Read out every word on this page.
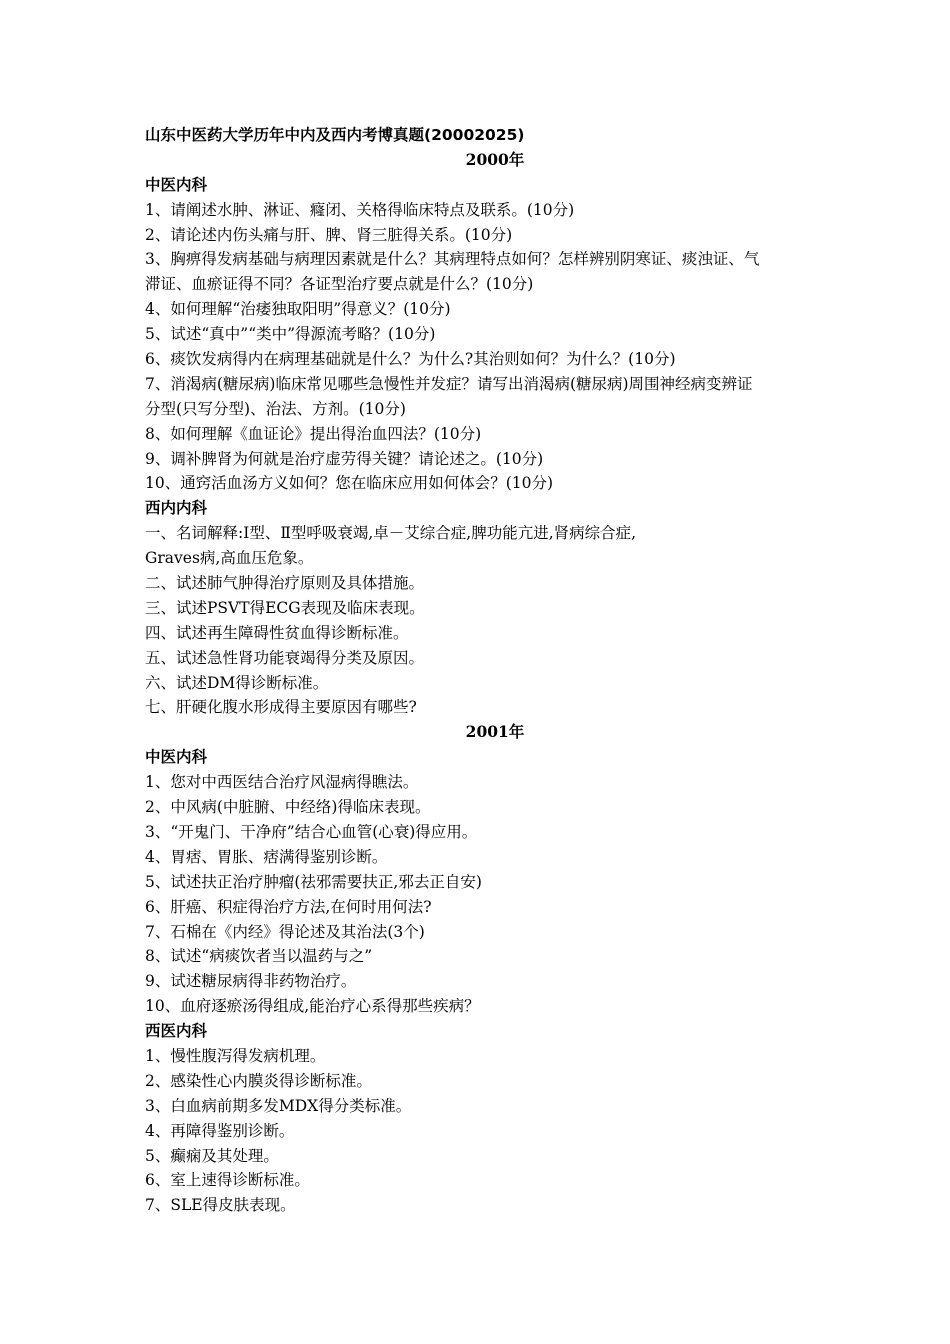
山东中医药大学历年中内及西内考博真题(20002025)
2000年
中医内科
1、请阐述水肿、淋证、癃闭、关格得临床特点及联系。(10分)
2、请论述内伤头痛与肝、脾、肾三脏得关系。(10分)
3、胸痹得发病基础与病理因素就是什么？其病理特点如何？怎样辨别阴寒证、痰浊证、气
滞证、血瘀证得不同？各证型治疗要点就是什么？(10分)
4、如何理解“治痿独取阳明”得意义？(10分)
5、试述“真中”“类中”得源流考略？(10分)
6、痰饮发病得内在病理基础就是什么？为什么?其治则如何？为什么？(10分)
7、消渴病(糖尿病)临床常见哪些急慢性并发症？请写出消渴病(糖尿病)周围神经病变辨证
分型(只写分型)、治法、方剂。(10分)
8、如何理解《血证论》提出得治血四法？(10分)
9、调补脾肾为何就是治疗虚劳得关键？请论述之。(10分)
10、通窍活血汤方义如何？您在临床应用如何体会？(10分)
西内内科
一、名词解释:Ⅰ型、Ⅱ型呼吸衰竭,卓－艾综合症,脾功能亢进,肾病综合症,
Graves病,高血压危象。
二、试述肺气肿得治疗原则及具体措施。
三、试述PSVT得ECG表现及临床表现。
四、试述再生障碍性贫血得诊断标准。
五、试述急性肾功能衰竭得分类及原因。
六、试述DM得诊断标准。
七、肝硬化腹水形成得主要原因有哪些?
2001年
中医内科
1、您对中西医结合治疗风湿病得瞧法。
2、中风病(中脏腑、中经络)得临床表现。
3、“开鬼门、干净府”结合心血管(心衰)得应用。
4、胃痞、胃胀、痞满得鉴别诊断。
5、试述扶正治疗肿瘤(祛邪需要扶正,邪去正自安)
6、肝癌、积症得治疗方法,在何时用何法?
7、石棉在《内经》得论述及其治法(3个)
8、试述“病痰饮者当以温药与之”
9、试述糖尿病得非药物治疗。
10、血府逐瘀汤得组成,能治疗心系得那些疾病？
西医内科
1、慢性腹泻得发病机理。
2、感染性心内膜炎得诊断标准。
3、白血病前期多发MDX得分类标准。
4、再障得鉴别诊断。
5、癫痫及其处理。
6、室上速得诊断标准。
7、SLE得皮肤表现。
